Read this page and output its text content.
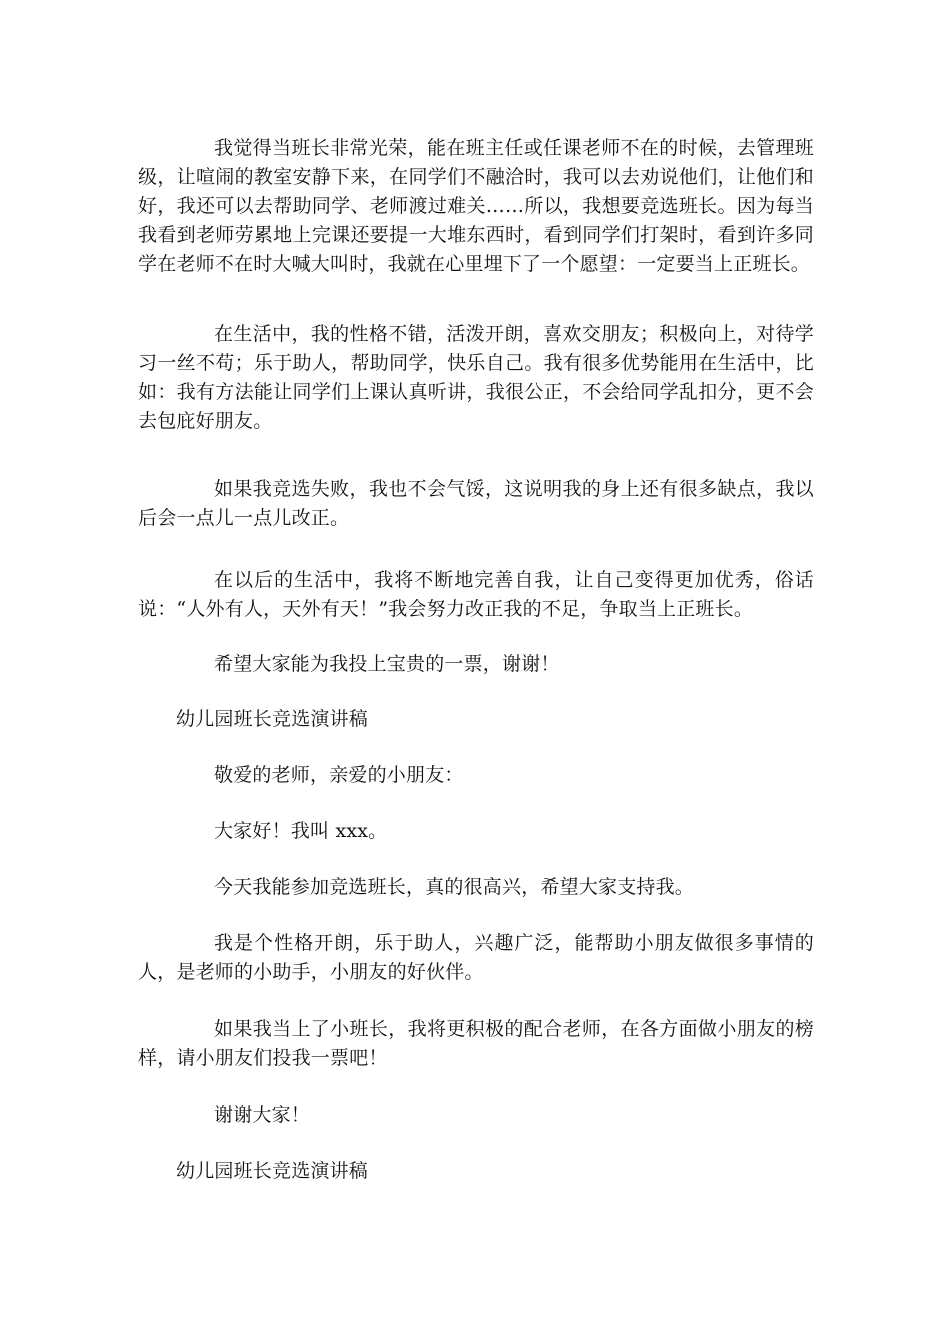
我觉得当班长非常光荣，能在班主任或任课老师不在的时候，去管理班级，让喧闹的教室安静下来，在同学们不融洽时，我可以去劝说他们，让他们和好，我还可以去帮助同学、老师渡过难关……所以，我想要竞选班长。因为每当我看到老师劳累地上完课还要提一大堆东西时，看到同学们打架时，看到许多同学在老师不在时大喊大叫时，我就在心里埋下了一个愿望：一定要当上正班长。

在生活中，我的性格不错，活泼开朗，喜欢交朋友；积极向上，对待学习一丝不苟；乐于助人，帮助同学，快乐自己。我有很多优势能用在生活中，比如：我有方法能让同学们上课认真听讲，我很公正，不会给同学乱扣分，更不会去包庇好朋友。

如果我竞选失败，我也不会气馁，这说明我的身上还有很多缺点，我以后会一点儿一点儿改正。

在以后的生活中，我将不断地完善自我，让自己变得更加优秀，俗话说：“人外有人，天外有天！”我会努力改正我的不足，争取当上正班长。

希望大家能为我投上宝贵的一票，谢谢！

幼儿园班长竞选演讲稿

敬爱的老师，亲爱的小朋友：

大家好！我叫 xxx。

今天我能参加竞选班长，真的很高兴，希望大家支持我。

我是个性格开朗，乐于助人，兴趣广泛，能帮助小朋友做很多事情的人，是老师的小助手，小朋友的好伙伴。

如果我当上了小班长，我将更积极的配合老师，在各方面做小朋友的榜样，请小朋友们投我一票吧！

谢谢大家！

幼儿园班长竞选演讲稿
